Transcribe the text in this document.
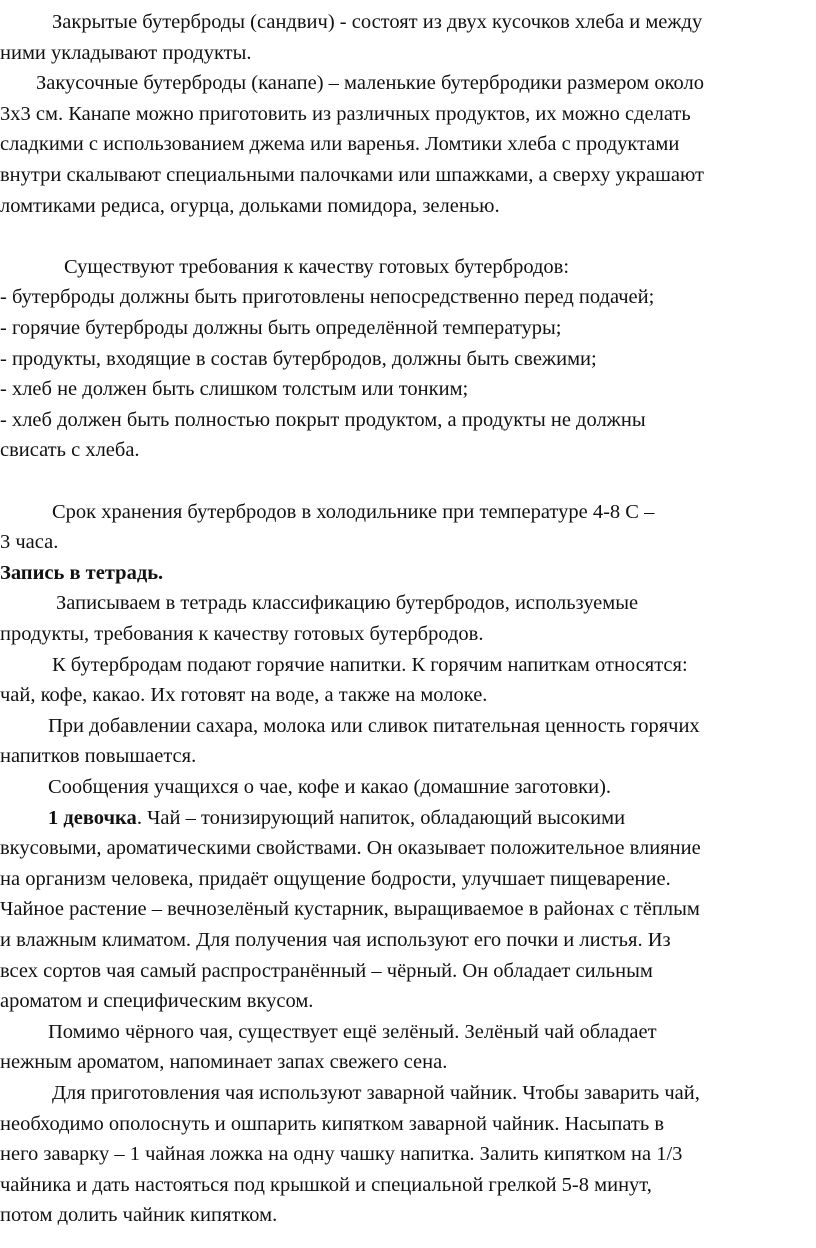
Закрытые бутерброды (сандвич) - состоят из двух кусочков хлеба и между
ними укладывают продукты.
Закусочные бутерброды (канапе) – маленькие бутербродики размером около
3х3 см. Канапе можно приготовить из различных продуктов, их можно сделать
сладкими с использованием джема или варенья. Ломтики хлеба с продуктами
внутри скалывают специальными палочками или шпажками, а сверху украшают
ломтиками редиса, огурца, дольками помидора, зеленью.
Существуют требования к качеству готовых бутербродов:
- бутерброды должны быть приготовлены непосредственно перед подачей;
- горячие бутерброды должны быть определённой температуры;
- продукты, входящие в состав бутербродов, должны быть свежими;
- хлеб не должен быть слишком толстым или тонким;
- хлеб должен быть полностью покрыт продуктом, а продукты не должны
свисать с хлеба.
Срок хранения бутербродов в холодильнике при температуре 4-8 С –
3 часа.
Запись в тетрадь.
Записываем в тетрадь классификацию бутербродов, используемые
продукты, требования к качеству готовых бутербродов.
К бутербродам подают горячие напитки. К горячим напиткам относятся:
чай, кофе, какао. Их готовят на воде, а также на молоке.
При добавлении сахара, молока или сливок питательная ценность горячих
напитков повышается.
Сообщения учащихся о чае, кофе и какао (домашние заготовки).
1 девочка. Чай – тонизирующий напиток, обладающий высокими
вкусовыми, ароматическими свойствами. Он оказывает положительное влияние
на организм человека, придаёт ощущение бодрости, улучшает пищеварение.
Чайное растение – вечнозелёный кустарник, выращиваемое в районах с тёплым
и влажным климатом. Для получения чая используют его почки и листья. Из
всех сортов чая самый распространённый – чёрный. Он обладает сильным
ароматом и специфическим вкусом.
Помимо чёрного чая, существует ещё зелёный. Зелёный чай обладает
нежным ароматом, напоминает запах свежего сена.
Для приготовления чая используют заварной чайник. Чтобы заварить чай,
необходимо ополоснуть и ошпарить кипятком заварной чайник. Насыпать в
него заварку – 1 чайная ложка на одну чашку напитка. Залить кипятком на 1/3
чайника и дать настояться под крышкой и специальной грелкой 5-8 минут,
потом долить чайник кипятком.
